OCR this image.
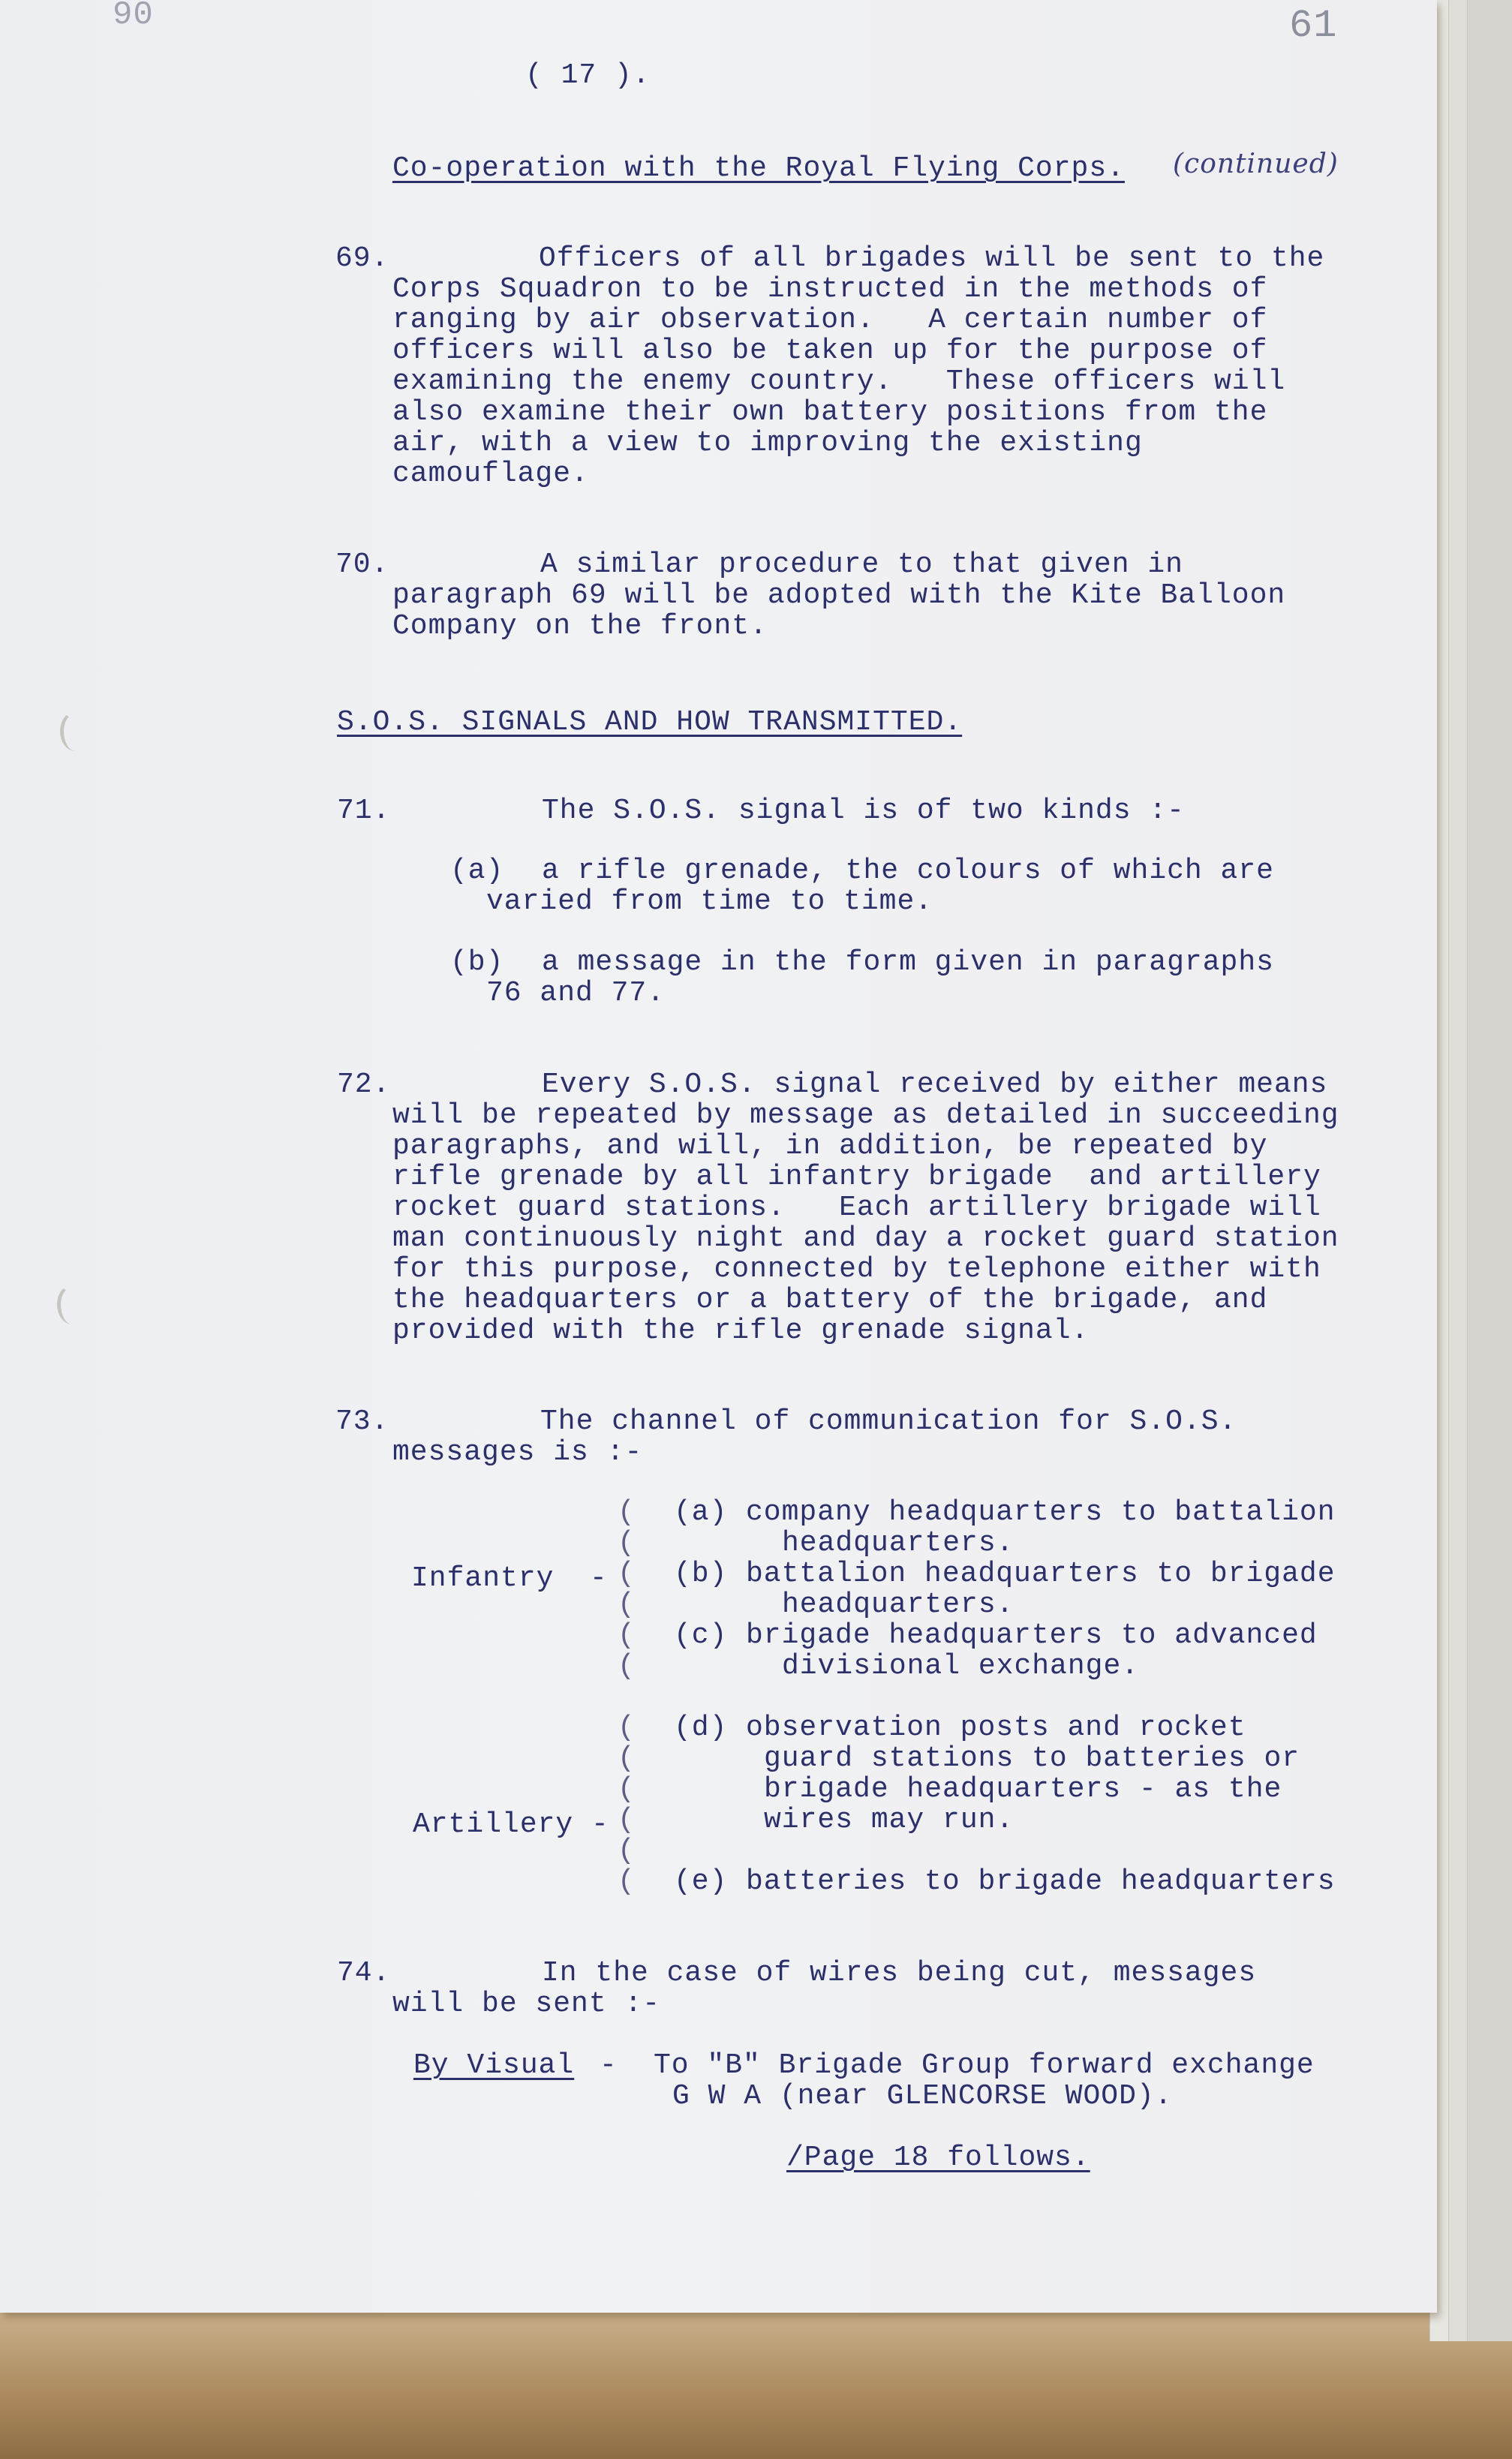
90	61

( 17 ).

Co-operation with the Royal Flying Corps. (continued)

69.	Officers of all brigades will be sent to the

Corps Squadron to be instructed in the methods of

ranging by air observation.   A certain number of

officers will also be taken up for the purpose of

examining the enemy country.   These officers will

also examine their own battery positions from the

air, with a view to improving the existing

camouflage.

70.	A similar procedure to that given in

paragraph 69 will be adopted with the Kite Balloon

Company on the front.

S.O.S. SIGNALS AND HOW TRANSMITTED.

71.	The S.O.S. signal is of two kinds :-

(a) a rifle grenade, the colours of which are

varied from time to time.

(b) a message in the form given in paragraphs

76 and 77.

72.	Every S.O.S. signal received by either means

will be repeated by message as detailed in succeeding

paragraphs, and will, in addition, be repeated by

rifle grenade by all infantry brigade  and artillery

rocket guard stations.   Each artillery brigade will

man continuously night and day a rocket guard station

for this purpose, connected by telephone either with

the headquarters or a battery of the brigade, and

provided with the rifle grenade signal.

73.	The channel of communication for S.O.S.

messages is :-

(

(

(

(

(

(

Infantry  -

(a) company headquarters to battalion

headquarters.

(b) battalion headquarters to brigade

headquarters.

(c) brigade headquarters to advanced

divisional exchange.

(

(

(

(

(

(

Artillery -

(d) observation posts and rocket

guard stations to batteries or

brigade headquarters - as the

wires may run.

(e) batteries to brigade headquarters

74.	In the case of wires being cut, messages

will be sent :-

By Visual - To "B" Brigade Group forward exchange

G W A (near GLENCORSE WOOD).

/Page 18 follows.
